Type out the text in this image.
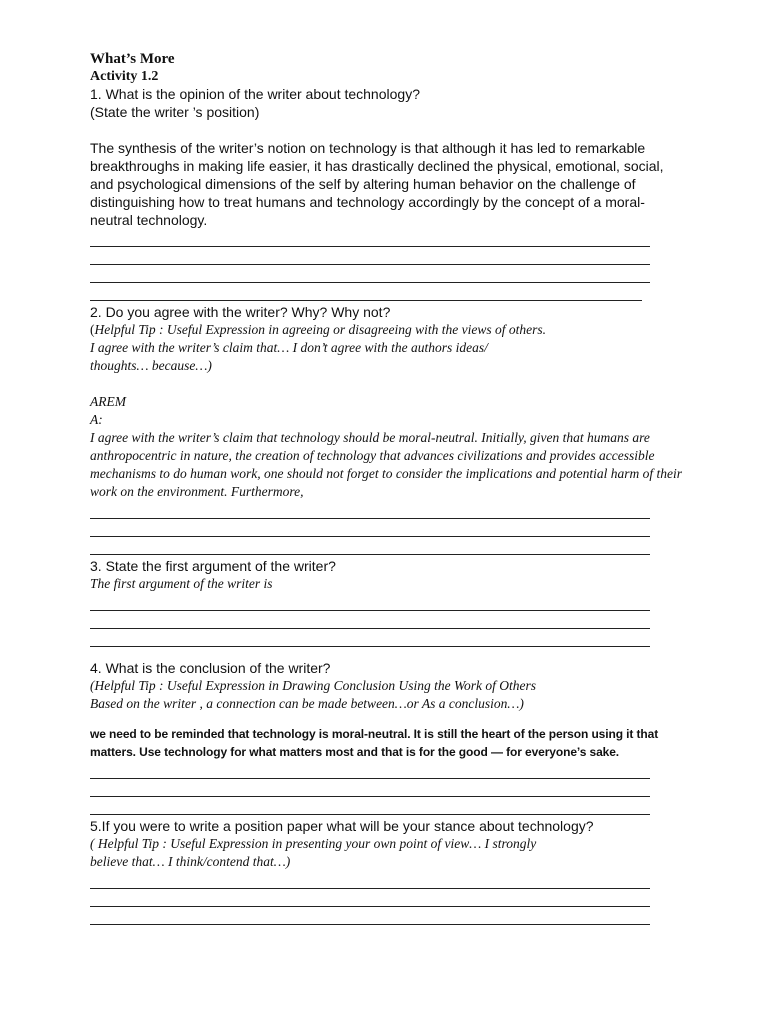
What’s More
Activity 1.2
1. What is the opinion of the writer about technology?
(State the writer ’s position)
The synthesis of the writer’s notion on technology is that although it has led to remarkable breakthroughs in making life easier, it has drastically declined the physical, emotional, social, and psychological dimensions of the self by altering human behavior on the challenge of distinguishing how to treat humans and technology accordingly by the concept of a moral-neutral technology.
2. Do you agree with the writer? Why? Why not?
(Helpful Tip : Useful Expression in agreeing or disagreeing with the views of others.
I agree with the writer’s claim that… I don’t agree with the authors ideas/
thoughts… because…)
AREM
A:
I agree with the writer’s claim that technology should be moral-neutral. Initially, given that humans are anthropocentric in nature, the creation of technology that advances civilizations and provides accessible mechanisms to do human work, one should not forget to consider the implications and potential harm of their work on the environment. Furthermore,
3. State the first argument of the writer?
The first argument of the writer is
4. What is the conclusion of the writer?
(Helpful Tip : Useful Expression in Drawing Conclusion Using the Work of Others
Based on the writer , a connection can be made between…or As a conclusion…)
we need to be reminded that technology is moral-neutral. It is still the heart of the person using it that matters. Use technology for what matters most and that is for the good — for everyone’s sake.
5.If you were to write a position paper what will be your stance about technology?
( Helpful Tip : Useful Expression in presenting your own point of view… I strongly
believe that… I think/contend that…)
